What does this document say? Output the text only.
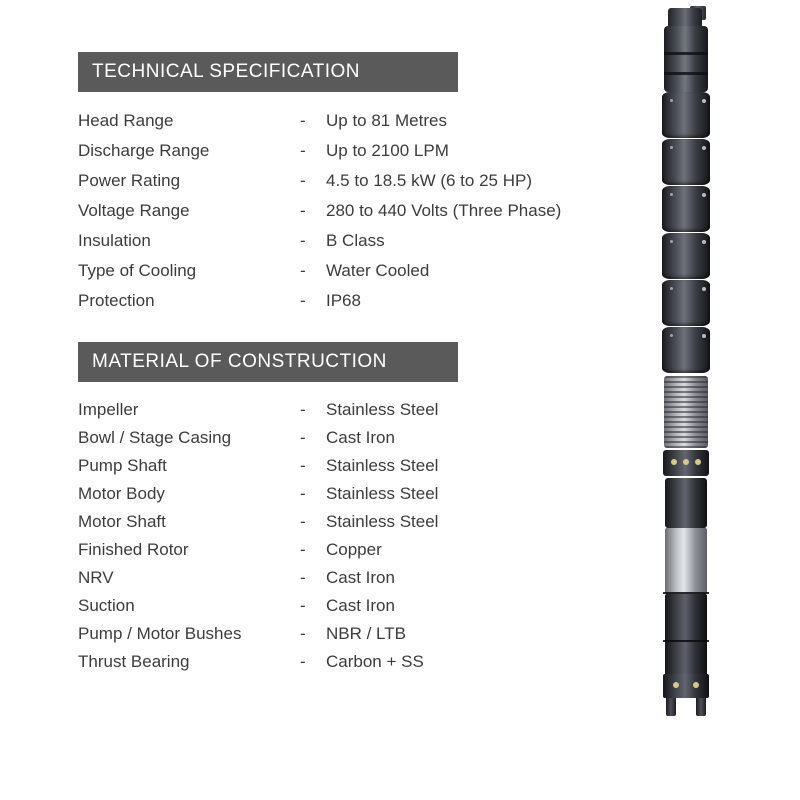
TECHNICAL SPECIFICATION
Head Range	-	Up to 81 Metres
Discharge Range	-	Up to 2100 LPM
Power Rating	-	4.5 to 18.5 kW (6 to 25 HP)
Voltage Range	-	280 to 440 Volts (Three Phase)
Insulation	-	B Class
Type of Cooling	-	Water Cooled
Protection	-	IP68
MATERIAL OF CONSTRUCTION
Impeller	-	Stainless Steel
Bowl / Stage Casing	-	Cast Iron
Pump Shaft	-	Stainless Steel
Motor Body	-	Stainless Steel
Motor Shaft	-	Stainless Steel
Finished Rotor	-	Copper
NRV	-	Cast Iron
Suction	-	Cast Iron
Pump / Motor Bushes	-	NBR / LTB
Thrust Bearing	-	Carbon + SS
